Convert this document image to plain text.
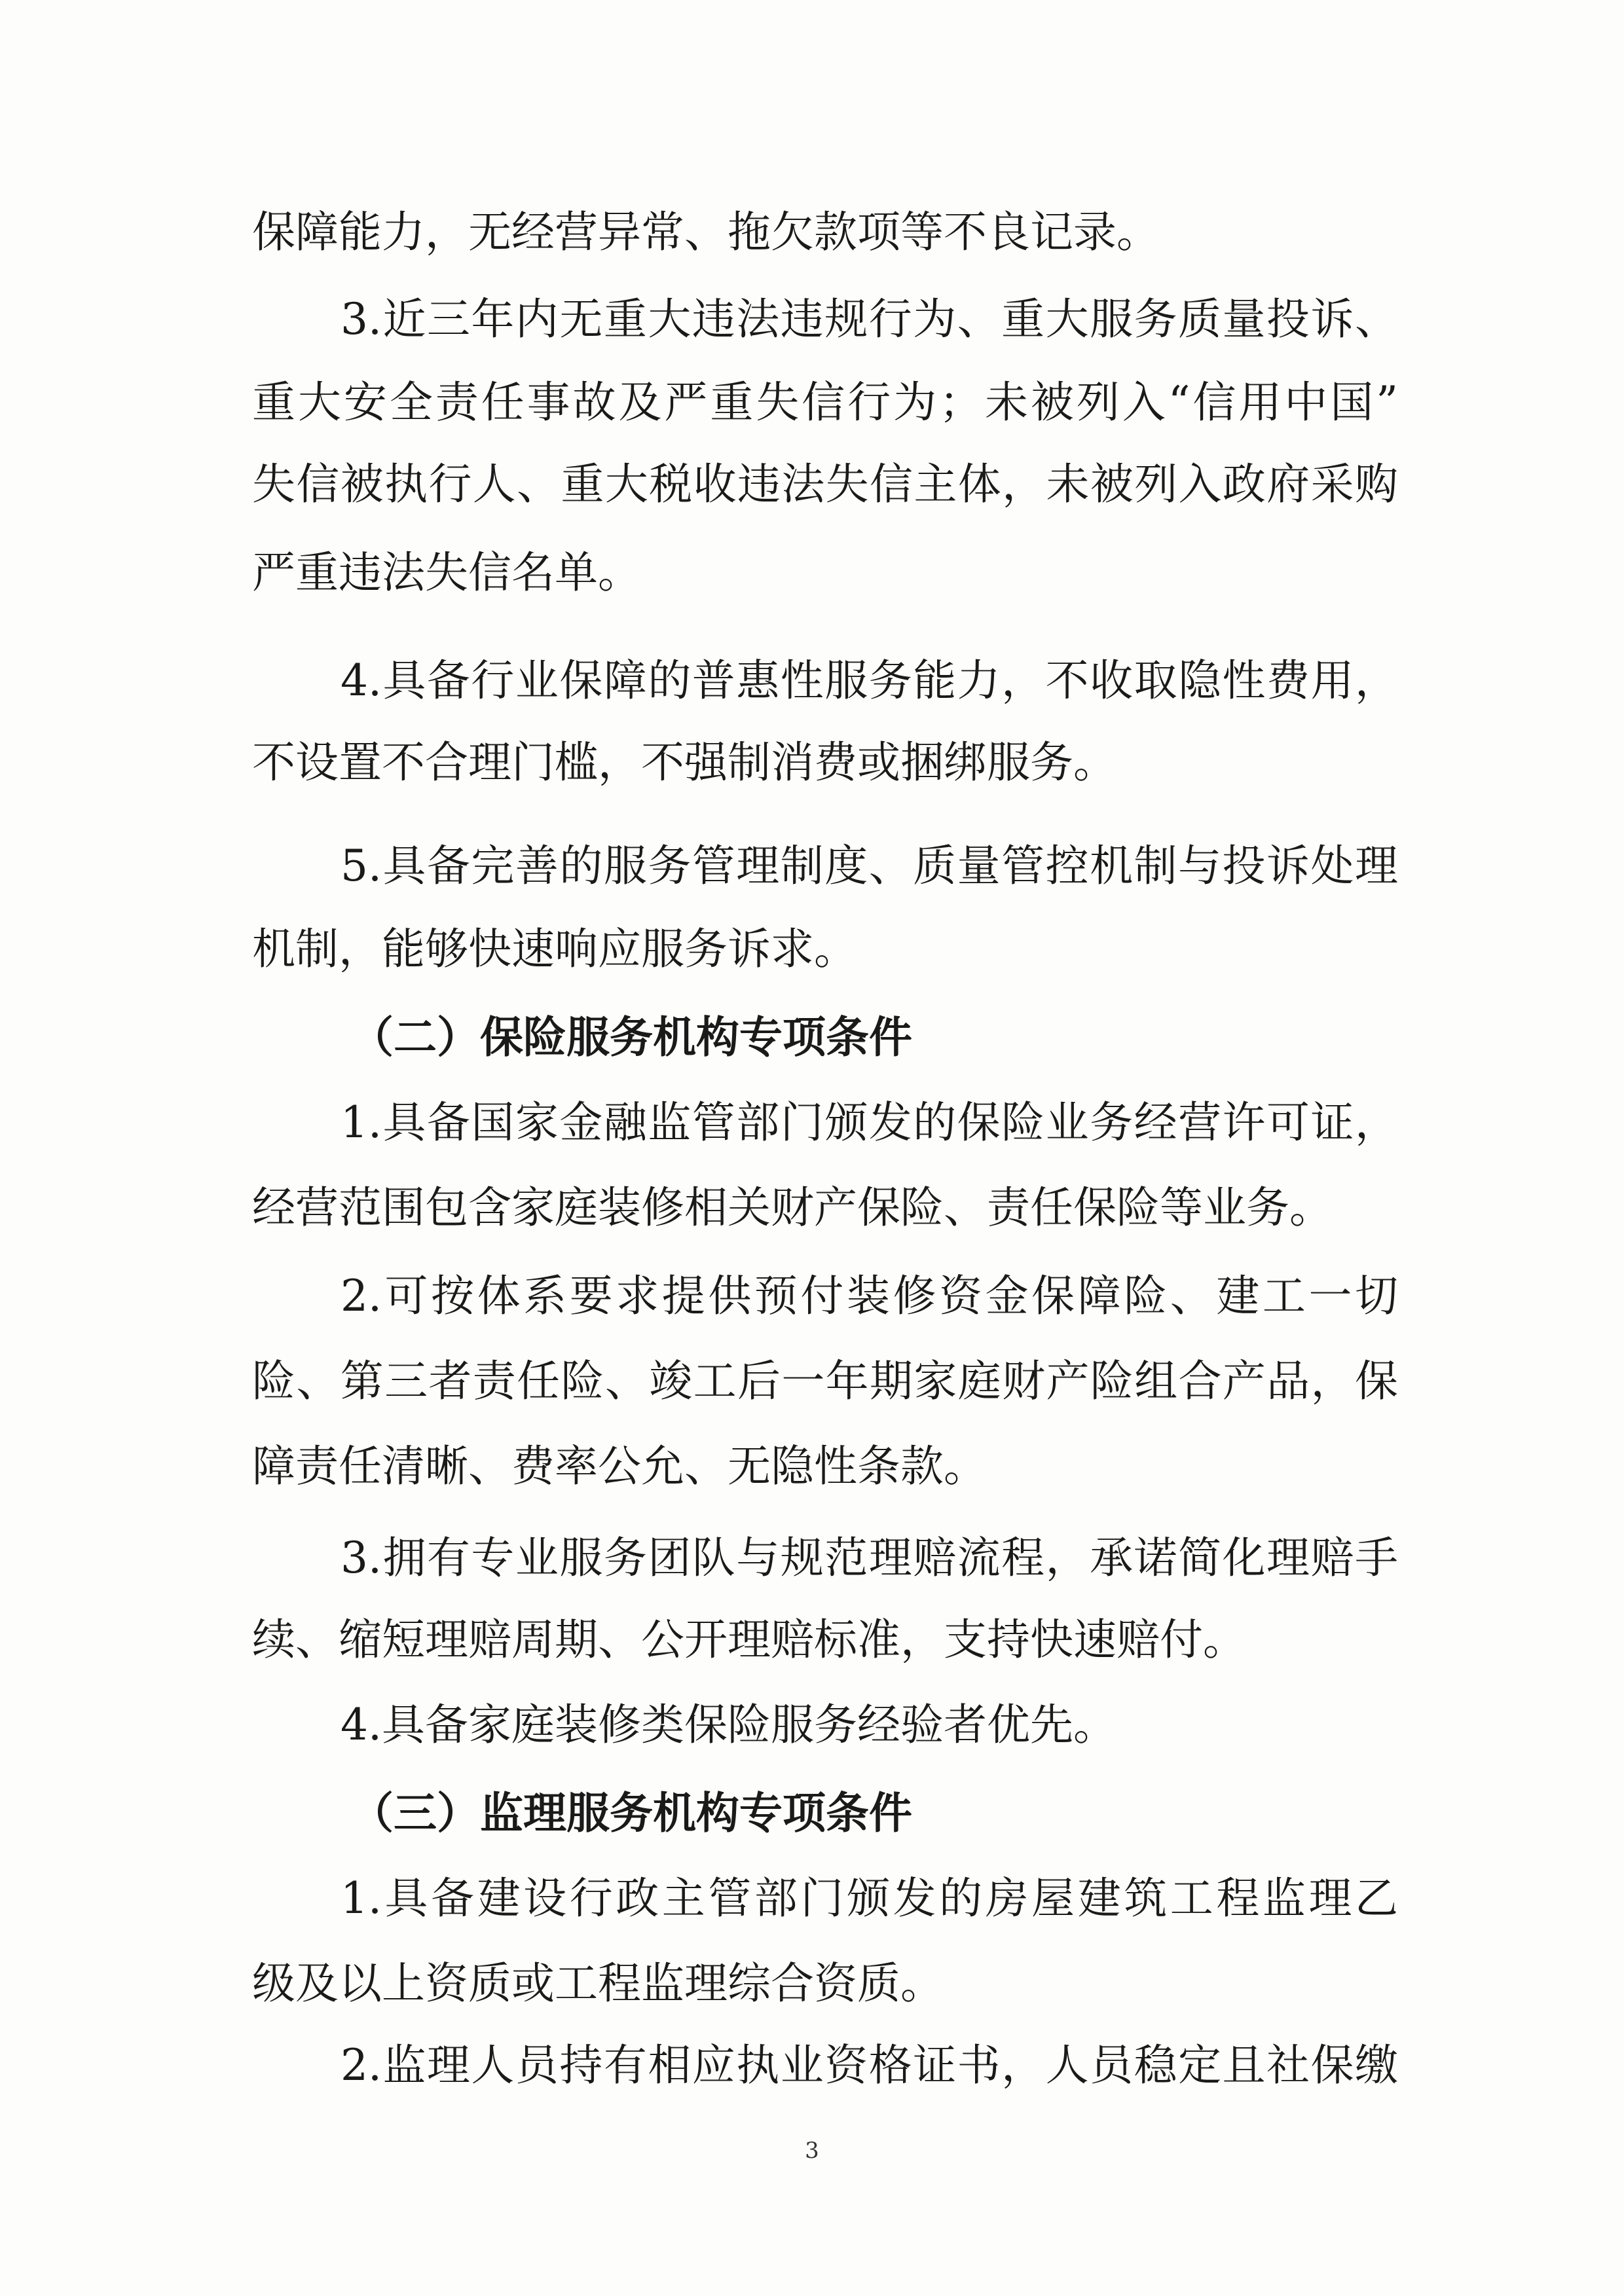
保障能力，无经营异常、拖欠款项等不良记录。
3.近三年内无重大违法违规行为、重大服务质量投诉、
重大安全责任事故及严重失信行为；未被列入“信用中国”
失信被执行人、重大税收违法失信主体，未被列入政府采购
严重违法失信名单。
4.具备行业保障的普惠性服务能力，不收取隐性费用，
不设置不合理门槛，不强制消费或捆绑服务。
5.具备完善的服务管理制度、质量管控机制与投诉处理
机制，能够快速响应服务诉求。
（二）保险服务机构专项条件
1.具备国家金融监管部门颁发的保险业务经营许可证，
经营范围包含家庭装修相关财产保险、责任保险等业务。
2.可按体系要求提供预付装修资金保障险、建工一切
险、第三者责任险、竣工后一年期家庭财产险组合产品，保
障责任清晰、费率公允、无隐性条款。
3.拥有专业服务团队与规范理赔流程，承诺简化理赔手
续、缩短理赔周期、公开理赔标准，支持快速赔付。
4.具备家庭装修类保险服务经验者优先。
（三）监理服务机构专项条件
1.具备建设行政主管部门颁发的房屋建筑工程监理乙
级及以上资质或工程监理综合资质。
2.监理人员持有相应执业资格证书，人员稳定且社保缴
3
